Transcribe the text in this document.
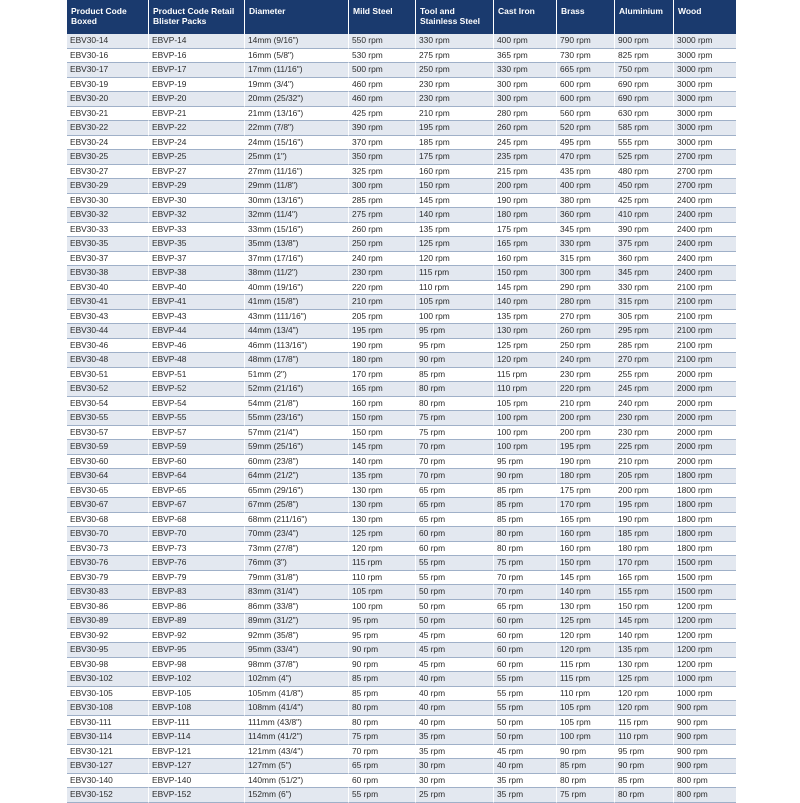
Product Code Boxed	Product Code Retail Blister Packs	Diameter	Mild Steel	Tool and Stainless Steel	Cast Iron	Brass	Aluminium	Wood
EBV30-14	EBVP-14	14mm (9/16")	550 rpm	330 rpm	400 rpm	790 rpm	900 rpm	3000 rpm
EBV30-16	EBVP-16	16mm (5/8")	530 rpm	275 rpm	365 rpm	730 rpm	825 rpm	3000 rpm
EBV30-17	EBVP-17	17mm (11/16")	500 rpm	250 rpm	330 rpm	665 rpm	750 rpm	3000 rpm
EBV30-19	EBVP-19	19mm (3/4")	460 rpm	230 rpm	300 rpm	600 rpm	690 rpm	3000 rpm
EBV30-20	EBVP-20	20mm (25/32")	460 rpm	230 rpm	300 rpm	600 rpm	690 rpm	3000 rpm
EBV30-21	EBVP-21	21mm (13/16")	425 rpm	210 rpm	280 rpm	560 rpm	630 rpm	3000 rpm
EBV30-22	EBVP-22	22mm (7/8")	390 rpm	195 rpm	260 rpm	520 rpm	585 rpm	3000 rpm
EBV30-24	EBVP-24	24mm (15/16")	370 rpm	185 rpm	245 rpm	495 rpm	555 rpm	3000 rpm
EBV30-25	EBVP-25	25mm (1")	350 rpm	175 rpm	235 rpm	470 rpm	525 rpm	2700 rpm
EBV30-27	EBVP-27	27mm (11/16")	325 rpm	160 rpm	215 rpm	435 rpm	480 rpm	2700 rpm
EBV30-29	EBVP-29	29mm (11/8")	300 rpm	150 rpm	200 rpm	400 rpm	450 rpm	2700 rpm
EBV30-30	EBVP-30	30mm (13/16")	285 rpm	145 rpm	190 rpm	380 rpm	425 rpm	2400 rpm
EBV30-32	EBVP-32	32mm (11/4")	275 rpm	140 rpm	180 rpm	360 rpm	410 rpm	2400 rpm
EBV30-33	EBVP-33	33mm (15/16")	260 rpm	135 rpm	175 rpm	345 rpm	390 rpm	2400 rpm
EBV30-35	EBVP-35	35mm (13/8")	250 rpm	125 rpm	165 rpm	330 rpm	375 rpm	2400 rpm
EBV30-37	EBVP-37	37mm (17/16")	240 rpm	120 rpm	160 rpm	315 rpm	360 rpm	2400 rpm
EBV30-38	EBVP-38	38mm (11/2")	230 rpm	115 rpm	150 rpm	300 rpm	345 rpm	2400 rpm
EBV30-40	EBVP-40	40mm (19/16")	220 rpm	110 rpm	145 rpm	290 rpm	330 rpm	2100 rpm
EBV30-41	EBVP-41	41mm (15/8")	210 rpm	105 rpm	140 rpm	280 rpm	315 rpm	2100 rpm
EBV30-43	EBVP-43	43mm (111/16")	205 rpm	100 rpm	135 rpm	270 rpm	305 rpm	2100 rpm
EBV30-44	EBVP-44	44mm (13/4")	195 rpm	95 rpm	130 rpm	260 rpm	295 rpm	2100 rpm
EBV30-46	EBVP-46	46mm (113/16")	190 rpm	95 rpm	125 rpm	250 rpm	285 rpm	2100 rpm
EBV30-48	EBVP-48	48mm (17/8")	180 rpm	90 rpm	120 rpm	240 rpm	270 rpm	2100 rpm
EBV30-51	EBVP-51	51mm (2")	170 rpm	85 rpm	115 rpm	230 rpm	255 rpm	2000 rpm
EBV30-52	EBVP-52	52mm (21/16")	165 rpm	80 rpm	110 rpm	220 rpm	245 rpm	2000 rpm
EBV30-54	EBVP-54	54mm (21/8")	160 rpm	80 rpm	105 rpm	210 rpm	240 rpm	2000 rpm
EBV30-55	EBVP-55	55mm (23/16")	150 rpm	75 rpm	100 rpm	200 rpm	230 rpm	2000 rpm
EBV30-57	EBVP-57	57mm (21/4")	150 rpm	75 rpm	100 rpm	200 rpm	230 rpm	2000 rpm
EBV30-59	EBVP-59	59mm (25/16")	145 rpm	70 rpm	100 rpm	195 rpm	225 rpm	2000 rpm
EBV30-60	EBVP-60	60mm (23/8")	140 rpm	70 rpm	95 rpm	190 rpm	210 rpm	2000 rpm
EBV30-64	EBVP-64	64mm (21/2")	135 rpm	70 rpm	90 rpm	180 rpm	205 rpm	1800 rpm
EBV30-65	EBVP-65	65mm (29/16")	130 rpm	65 rpm	85 rpm	175 rpm	200 rpm	1800 rpm
EBV30-67	EBVP-67	67mm (25/8")	130 rpm	65 rpm	85 rpm	170 rpm	195 rpm	1800 rpm
EBV30-68	EBVP-68	68mm (211/16")	130 rpm	65 rpm	85 rpm	165 rpm	190 rpm	1800 rpm
EBV30-70	EBVP-70	70mm (23/4")	125 rpm	60 rpm	80 rpm	160 rpm	185 rpm	1800 rpm
EBV30-73	EBVP-73	73mm (27/8")	120 rpm	60 rpm	80 rpm	160 rpm	180 rpm	1800 rpm
EBV30-76	EBVP-76	76mm (3")	115 rpm	55 rpm	75 rpm	150 rpm	170 rpm	1500 rpm
EBV30-79	EBVP-79	79mm (31/8")	110 rpm	55 rpm	70 rpm	145 rpm	165 rpm	1500 rpm
EBV30-83	EBVP-83	83mm (31/4")	105 rpm	50 rpm	70 rpm	140 rpm	155 rpm	1500 rpm
EBV30-86	EBVP-86	86mm (33/8")	100 rpm	50 rpm	65 rpm	130 rpm	150 rpm	1200 rpm
EBV30-89	EBVP-89	89mm (31/2")	95 rpm	50 rpm	60 rpm	125 rpm	145 rpm	1200 rpm
EBV30-92	EBVP-92	92mm (35/8")	95 rpm	45 rpm	60 rpm	120 rpm	140 rpm	1200 rpm
EBV30-95	EBVP-95	95mm (33/4")	90 rpm	45 rpm	60 rpm	120 rpm	135 rpm	1200 rpm
EBV30-98	EBVP-98	98mm (37/8")	90 rpm	45 rpm	60 rpm	115 rpm	130 rpm	1200 rpm
EBV30-102	EBVP-102	102mm (4")	85 rpm	40 rpm	55 rpm	115 rpm	125 rpm	1000 rpm
EBV30-105	EBVP-105	105mm (41/8")	85 rpm	40 rpm	55 rpm	110 rpm	120 rpm	1000 rpm
EBV30-108	EBVP-108	108mm (41/4")	80 rpm	40 rpm	55 rpm	105 rpm	120 rpm	900 rpm
EBV30-111	EBVP-111	111mm (43/8")	80 rpm	40 rpm	50 rpm	105 rpm	115 rpm	900 rpm
EBV30-114	EBVP-114	114mm (41/2")	75 rpm	35 rpm	50 rpm	100 rpm	110 rpm	900 rpm
EBV30-121	EBVP-121	121mm (43/4")	70 rpm	35 rpm	45 rpm	90 rpm	95 rpm	900 rpm
EBV30-127	EBVP-127	127mm (5")	65 rpm	30 rpm	40 rpm	85 rpm	90 rpm	900 rpm
EBV30-140	EBVP-140	140mm (51/2")	60 rpm	30 rpm	35 rpm	80 rpm	85 rpm	800 rpm
EBV30-152	EBVP-152	152mm (6")	55 rpm	25 rpm	35 rpm	75 rpm	80 rpm	800 rpm
